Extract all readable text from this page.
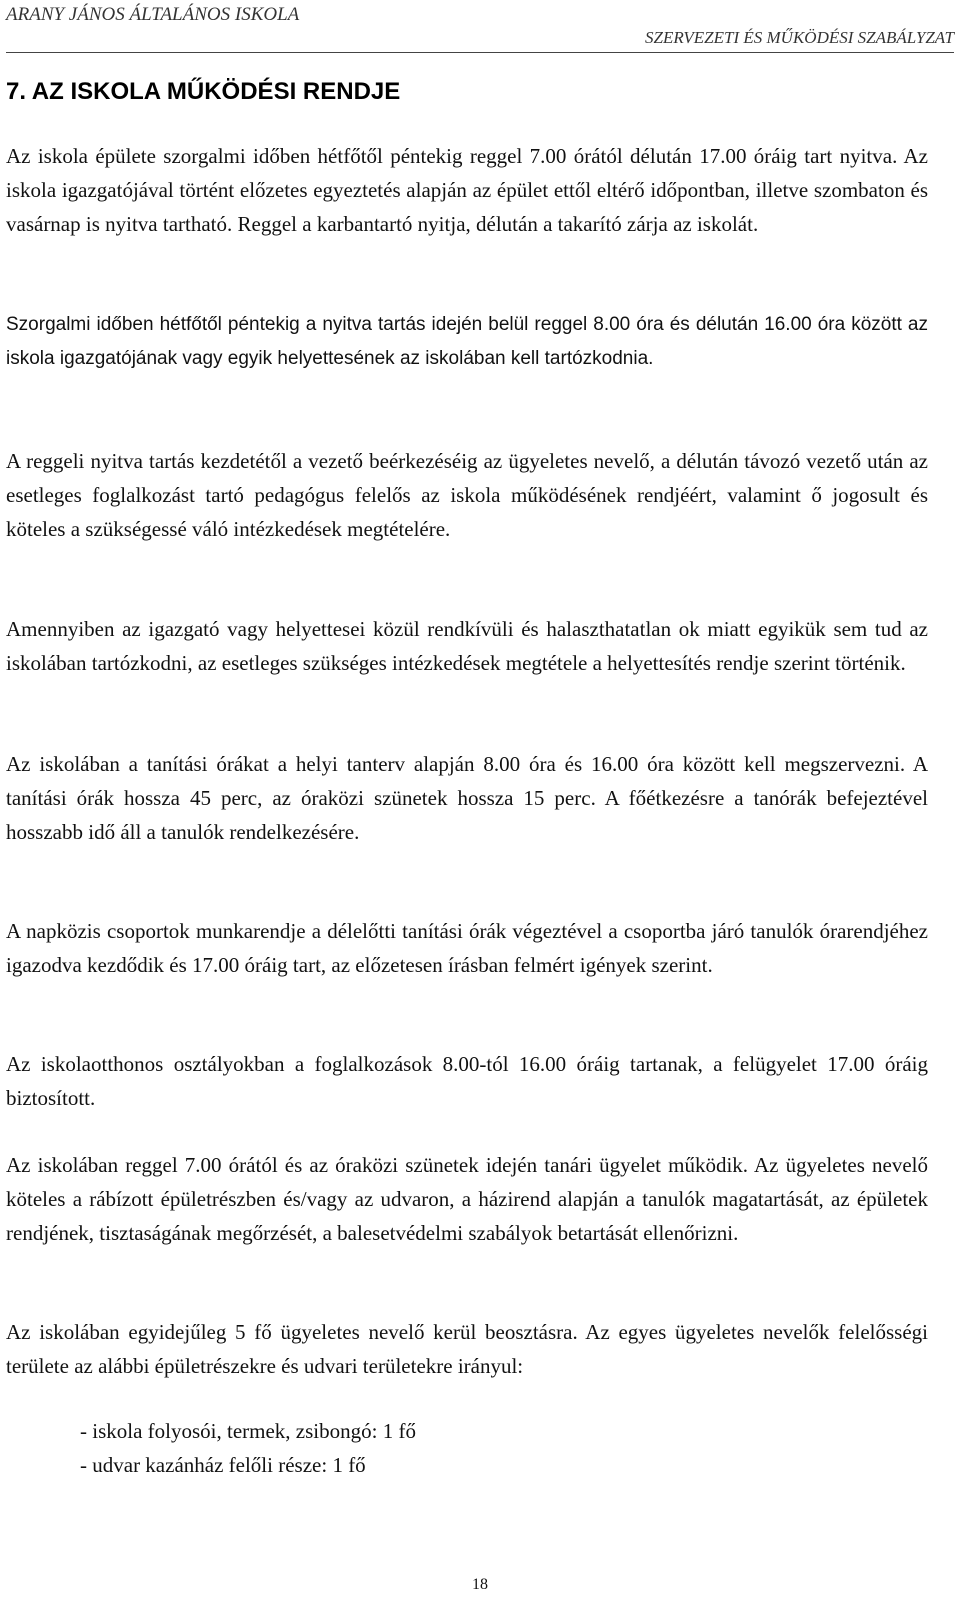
ARANY JÁNOS ÁLTALÁNOS ISKOLA
SZERVEZETI ÉS MŰKÖDÉSI SZABÁLYZAT
7. AZ ISKOLA MŰKÖDÉSI RENDJE

Az iskola épülete szorgalmi időben hétfőtől péntekig reggel 7.00 órától délután 17.00 óráig tart nyitva. Az iskola igazgatójával történt előzetes egyeztetés alapján az épület ettől eltérő időpontban, illetve szombaton és vasárnap is nyitva tartható. Reggel a karbantartó nyitja, délután a takarító zárja az iskolát.

Szorgalmi időben hétfőtől péntekig a nyitva tartás idején belül reggel 8.00 óra és délután 16.00 óra között az iskola igazgatójának vagy egyik helyettesének az iskolában kell tartózkodnia.

A reggeli nyitva tartás kezdetétől a vezető beérkezéséig az ügyeletes nevelő, a délután távozó vezető után az esetleges foglalkozást tartó pedagógus felelős az iskola működésének rendjéért, valamint ő jogosult és köteles a szükségessé váló intézkedések megtételére.

Amennyiben az igazgató vagy helyettesei közül rendkívüli és halaszthatatlan ok miatt egyikük sem tud az iskolában tartózkodni, az esetleges szükséges intézkedések megtétele a helyettesítés rendje szerint történik.

Az iskolában a tanítási órákat a helyi tanterv alapján 8.00 óra és 16.00 óra között kell megszervezni. A tanítási órák hossza 45 perc, az óraközi szünetek hossza 15 perc. A főétkezésre a tanórák befejeztével hosszabb idő áll a tanulók rendelkezésére.

A napközis csoportok munkarendje a délelőtti tanítási órák végeztével a csoportba járó tanulók órarendjéhez igazodva kezdődik és 17.00 óráig tart, az előzetesen írásban felmért igények szerint.

Az iskolaotthonos osztályokban a foglalkozások 8.00-tól 16.00 óráig tartanak, a felügyelet 17.00 óráig biztosított.

Az iskolában reggel 7.00 órától és az óraközi szünetek idején tanári ügyelet működik. Az ügyeletes nevelő köteles a rábízott épületrészben és/vagy az udvaron, a házirend alapján a tanulók magatartását, az épületek rendjének, tisztaságának megőrzését, a balesetvédelmi szabályok betartását ellenőrizni.

Az iskolában egyidejűleg 5 fő ügyeletes nevelő kerül beosztásra. Az egyes ügyeletes nevelők felelősségi területe az alábbi épületrészekre és udvari területekre irányul:

- iskola folyosói, termek, zsibongó: 1 fő
- udvar kazánház felőli része: 1 fő
18
